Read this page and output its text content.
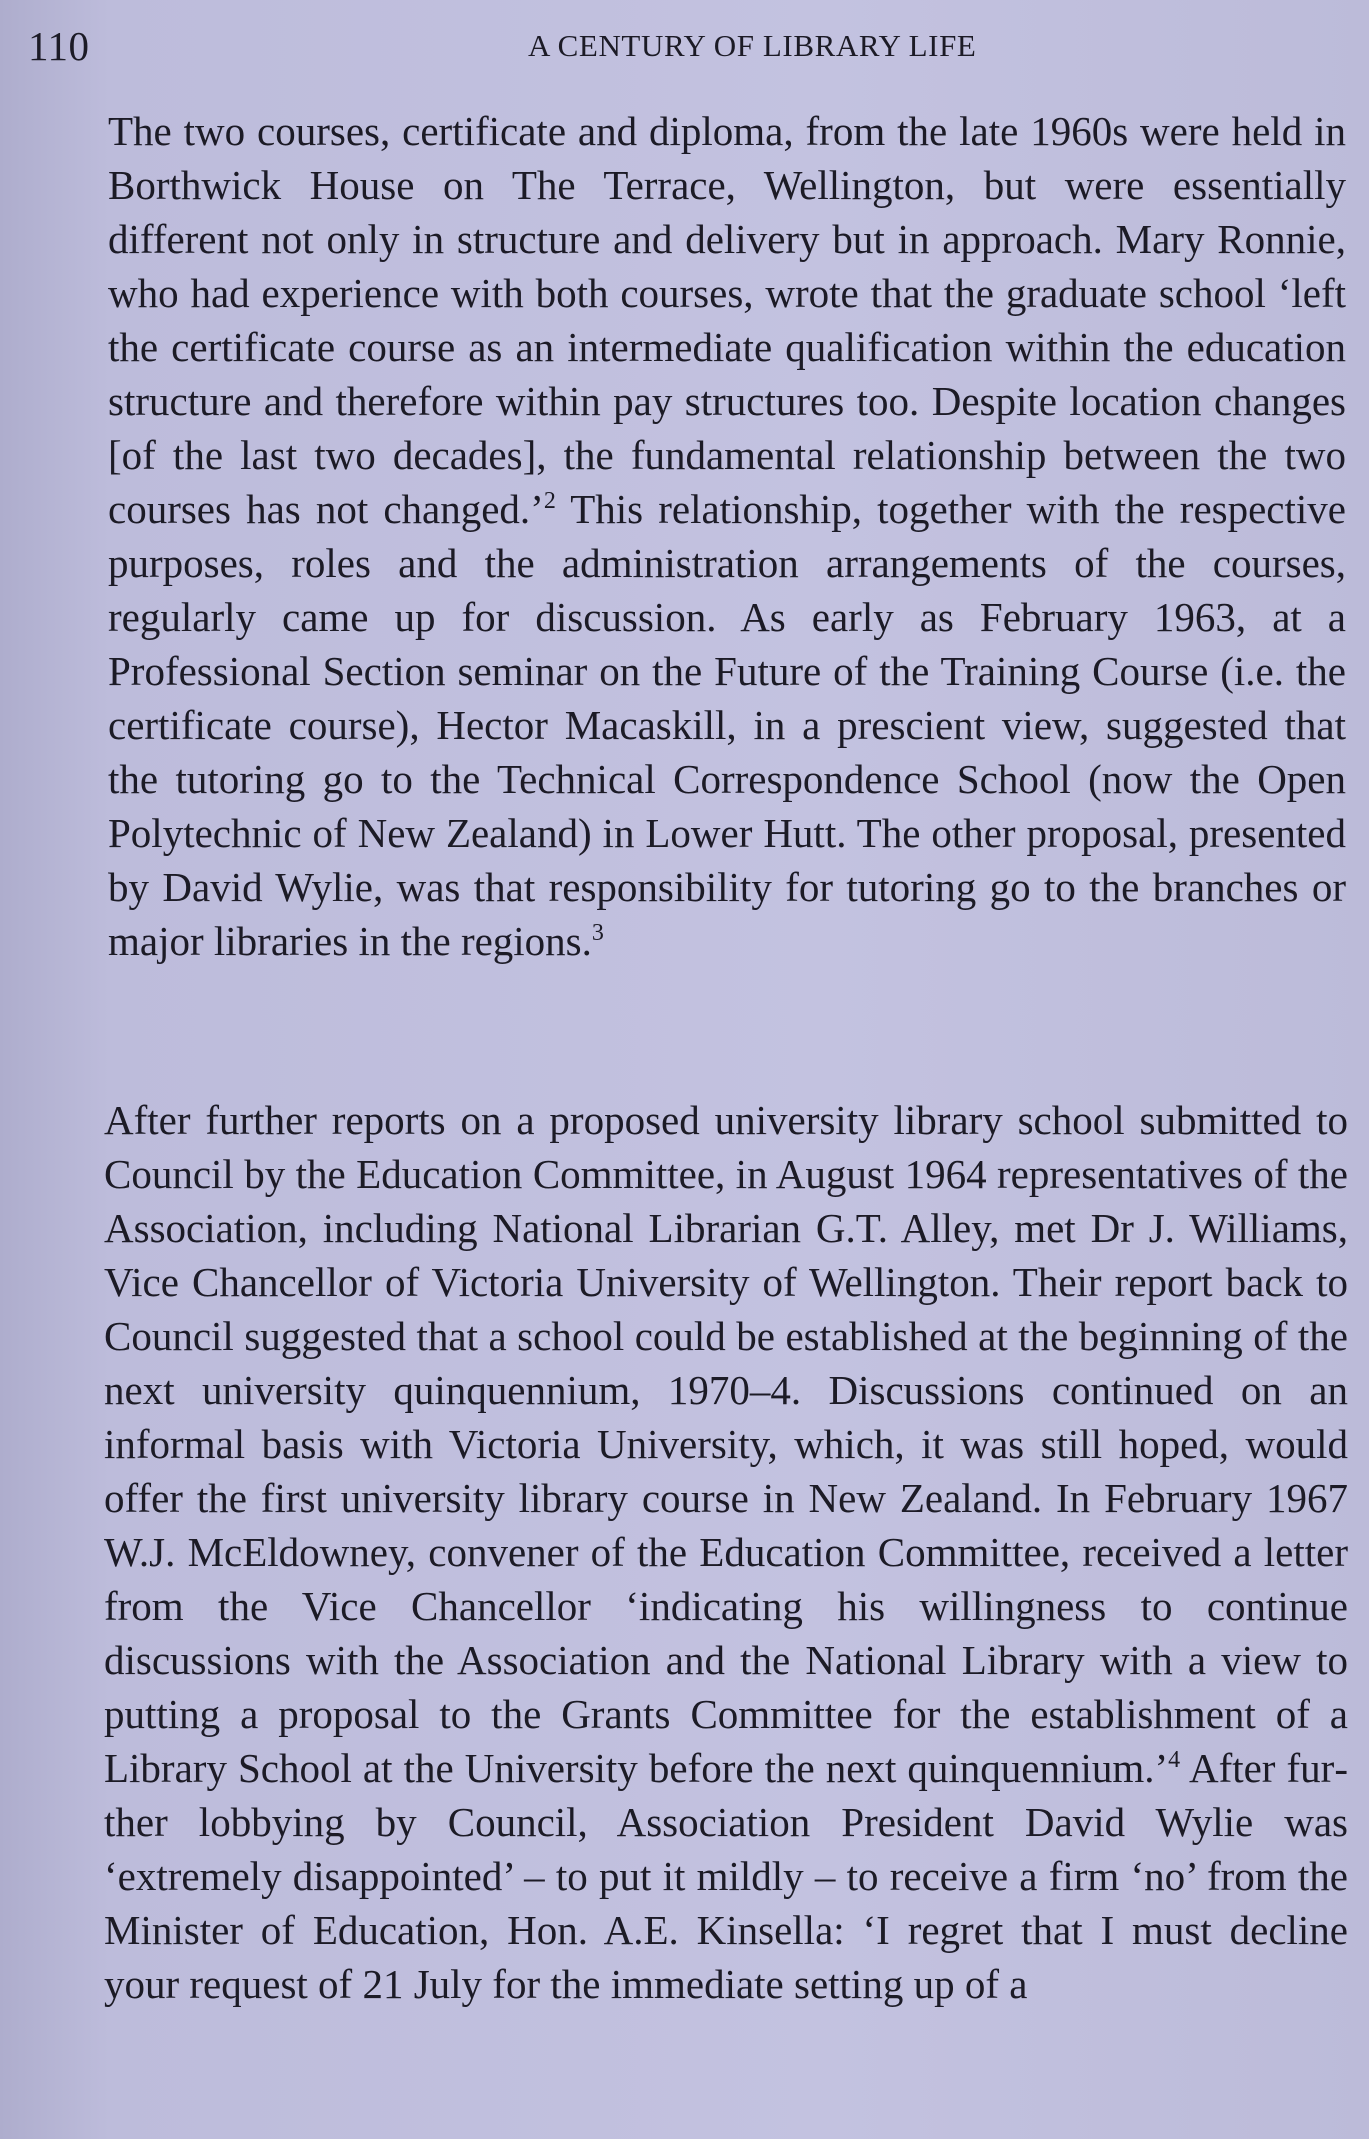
110	A CENTURY OF LIBRARY LIFE

The two courses, certificate and diploma, from the late 1960s were held in Borthwick House on The Terrace, Wellington, but were essentially different not only in structure and delivery but in approach. Mary Ronnie, who had experience with both courses, wrote that the graduate school ‘left the certificate course as an intermediate qualification within the education structure and therefore within pay structures too. Despite location changes [of the last two decades], the fundamental relationship between the two courses has not changed.’$^2$ This relationship, together with the respective purposes, roles and the administration arrangements of the courses, regularly came up for discussion. As early as February 1963, at a Professional Section seminar on the Future of the Training Course (i.e. the certificate course), Hector Macaskill, in a prescient view, suggested that the tutoring go to the Technical Correspondence School (now the Open Polytechnic of New Zealand) in Lower Hutt. The other proposal, presented by David Wylie, was that responsibility for tutoring go to the branches or major libraries in the regions.$^3$

After further reports on a proposed university library school submitted to Council by the Education Committee, in August 1964 representatives of the Association, including National Librarian G.T. Alley, met Dr J. Williams, Vice Chancellor of Victoria University of Wellington. Their report back to Council suggested that a school could be established at the beginning of the next university quinquennium, 1970–4. Discussions continued on an informal basis with Victoria University, which, it was still hoped, would offer the first university library course in New Zealand. In February 1967 W.J. McEldowney, convener of the Education Committee, received a letter from the Vice Chancellor ‘indicating his willingness to continue discussions with the Association and the National Library with a view to putting a proposal to the Grants Committee for the establishment of a Library School at the University before the next quinquennium.’$^4$ After further lobbying by Council, Association President David Wylie was ‘extremely disappointed’ – to put it mildly – to receive a firm ‘no’ from the Minister of Education, Hon. A.E. Kinsella: ‘I regret that I must decline your request of 21 July for the immediate setting up of a
